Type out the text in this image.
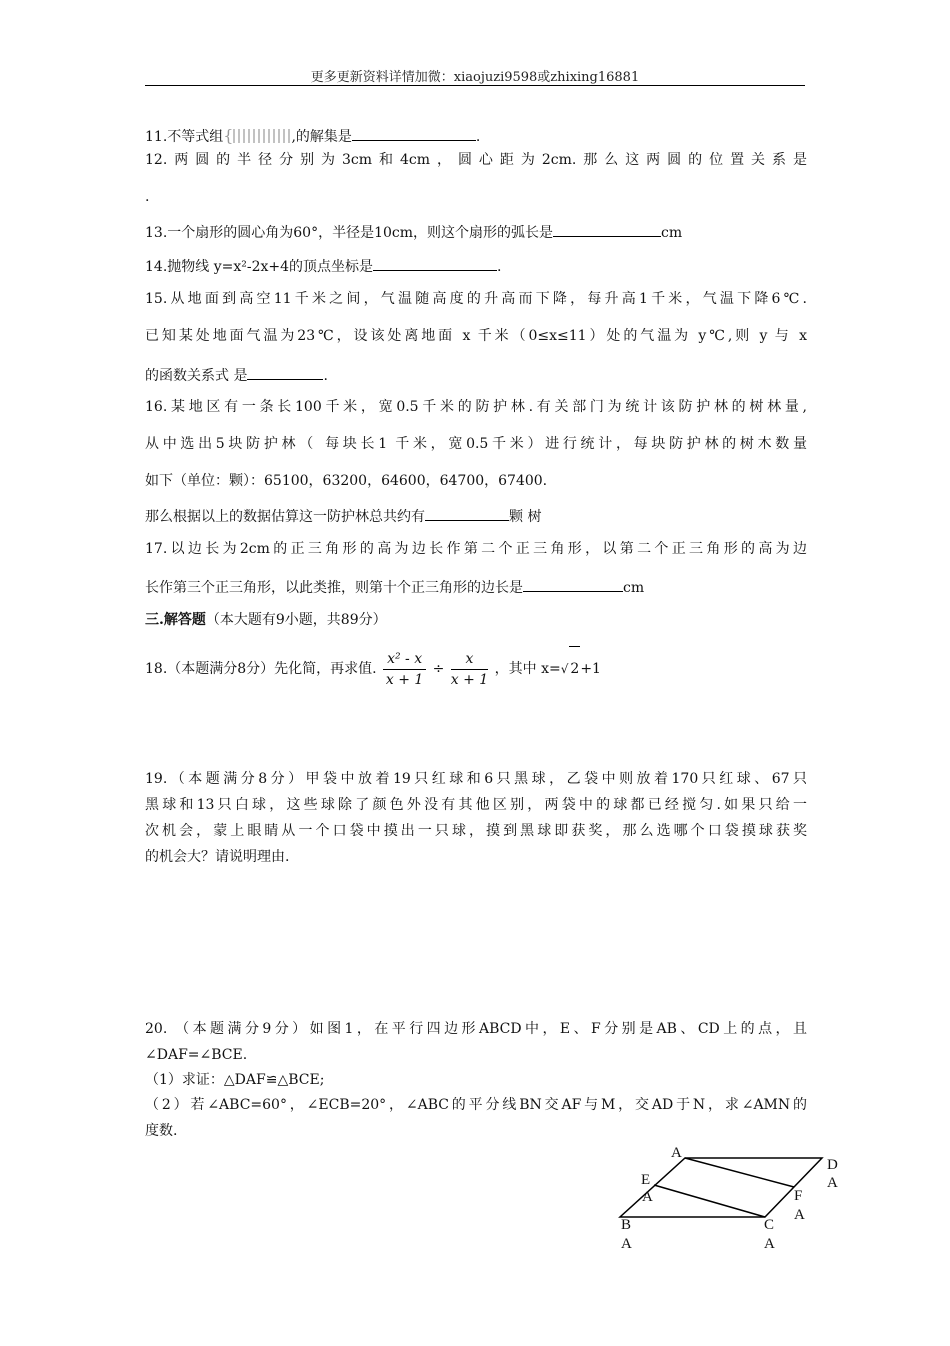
更多更新资料详情加微：xiaojuzi9598或zhixing16881
11.不等式组{	,的解集是	.
12.两圆的半径分别为3cm和4cm，圆心距为2cm.那么这两圆的位置关系是
.
13.一个扇形的圆心角为60°，半径是10cm，则这个扇形的弧长是	cm
14.抛物线 y=x²-2x+4的顶点坐标是	.
15.从地面到高空11千米之间，气温随高度的升高而下降，每升高1千米，气温下降6℃.
已知某处地面气温为23℃，设该处离地面 x 千米（0≤x≤11）处的气温为 y℃,则 y 与 x
的函数关系式 是	.
16.某地区有一条长100千米，宽0.5千米的防护林.有关部门为统计该防护林的树林量,
从中选出5块防护林（ 每块长1 千米，宽0.5千米）进行统计，每块防护林的树木数量
如下（单位：颗）：65100，63200，64600，64700，67400.
那么根据以上的数据估算这一防护林总共约有	颗 树
17.以边长为2cm的正三角形的高为边长作第二个正三角形，以第二个正三角形的高为边
长作第三个正三角形，以此类推，则第十个正三角形的边长是	cm
三.解答题（本大题有9小题，共89分）
18.（本题满分8分）先化简，再求值. $\frac{\text{x² - x}}{x + 1} \div \frac{x}{x + 1}$ ，其中 x=√ 2+1
19.（本题满分8分）甲袋中放着19只红球和6只黑球，乙袋中则放着170只红球、67只
黑球和13只白球，这些球除了颜色外没有其他区别，两袋中的球都已经搅匀.如果只给一
次机会，蒙上眼睛从一个口袋中摸出一只球，摸到黑球即获奖，那么选哪个口袋摸球获奖
的机会大？请说明理由.
20. （本题满分9分）如图1，在平行四边形ABCD中，E、F分别是AB、CD上的点，且
∠DAF=∠BCE.
（1）求证：△DAF≌△BCE;
（2）若∠ABC=60°，∠ECB=20°，∠ABC的平分线BN交AF与M，交AD于N，求∠AMN的
度数.
A
D
A
E
A	F
A
B
A
C
A
